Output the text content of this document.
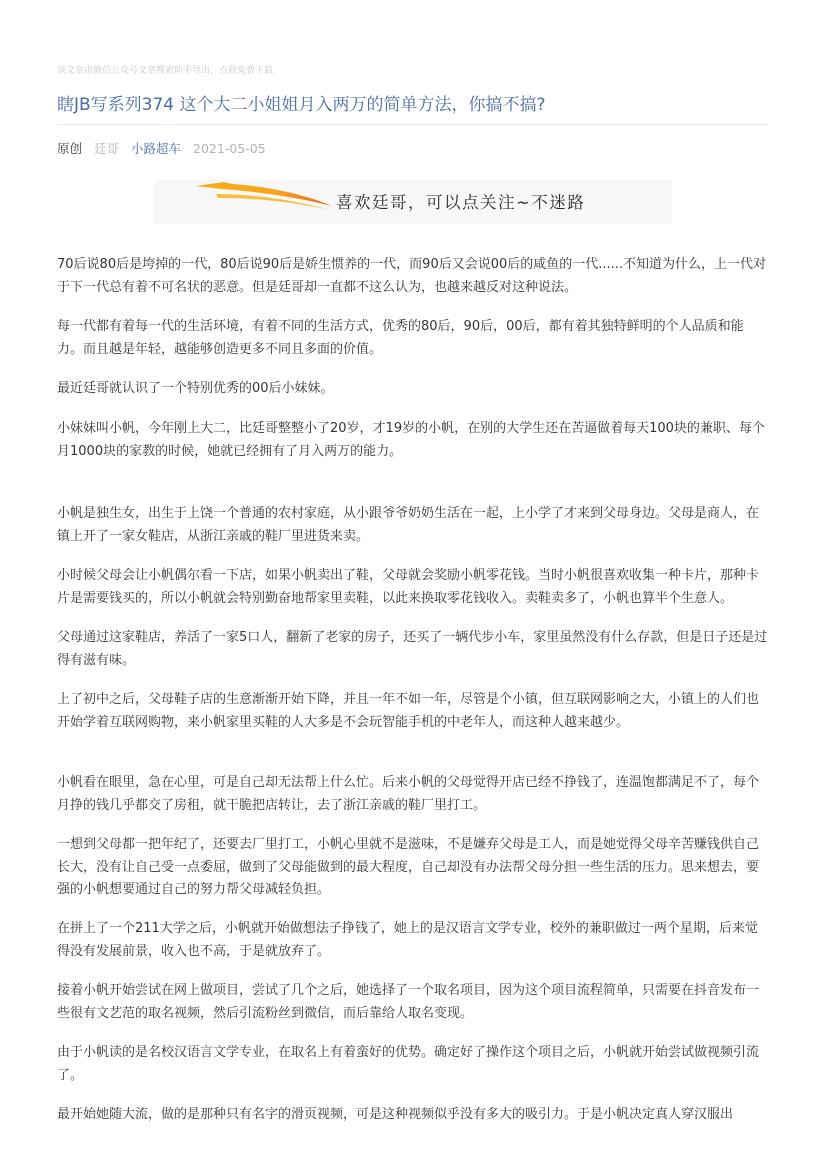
该文章由微信公众号文章搜索助手导出，点我免费下载
瞎JB写系列374 这个大二小姐姐月入两万的简单方法，你搞不搞?
原创 廷哥 小路超车 2021-05-05
喜欢廷哥，可以点关注~不迷路

70后说80后是垮掉的一代，80后说90后是娇生惯养的一代，而90后又会说00后的咸鱼的一代......不知道为什么，上一代对于下一代总有着不可名状的恶意。但是廷哥却一直都不这么认为，也越来越反对这种说法。

每一代都有着每一代的生活环境，有着不同的生活方式，优秀的80后，90后，00后，都有着其独特鲜明的个人品质和能力。而且越是年轻，越能够创造更多不同且多面的价值。

最近廷哥就认识了一个特别优秀的00后小妹妹。

小妹妹叫小帆，今年刚上大二，比廷哥整整小了20岁，才19岁的小帆，在别的大学生还在苦逼做着每天100块的兼职、每个月1000块的家教的时候，她就已经拥有了月入两万的能力。

小帆是独生女，出生于上饶一个普通的农村家庭，从小跟爷爷奶奶生活在一起，上小学了才来到父母身边。父母是商人，在镇上开了一家女鞋店，从浙江亲戚的鞋厂里进货来卖。

小时候父母会让小帆偶尔看一下店，如果小帆卖出了鞋，父母就会奖励小帆零花钱。当时小帆很喜欢收集一种卡片，那种卡片是需要钱买的，所以小帆就会特别勤奋地帮家里卖鞋，以此来换取零花钱收入。卖鞋卖多了，小帆也算半个生意人。

父母通过这家鞋店，养活了一家5口人，翻新了老家的房子，还买了一辆代步小车，家里虽然没有什么存款，但是日子还是过得有滋有味。

上了初中之后，父母鞋子店的生意渐渐开始下降，并且一年不如一年，尽管是个小镇，但互联网影响之大，小镇上的人们也开始学着互联网购物，来小帆家里买鞋的人大多是不会玩智能手机的中老年人，而这种人越来越少。

小帆看在眼里，急在心里，可是自己却无法帮上什么忙。后来小帆的父母觉得开店已经不挣钱了，连温饱都满足不了，每个月挣的钱几乎都交了房租，就干脆把店转让，去了浙江亲戚的鞋厂里打工。

一想到父母都一把年纪了，还要去厂里打工，小帆心里就不是滋味，不是嫌弃父母是工人，而是她觉得父母辛苦赚钱供自己长大，没有让自己受一点委屈，做到了父母能做到的最大程度，自己却没有办法帮父母分担一些生活的压力。思来想去，要强的小帆想要通过自己的努力帮父母减轻负担。

在拼上了一个211大学之后，小帆就开始做想法子挣钱了，她上的是汉语言文学专业，校外的兼职做过一两个星期，后来觉得没有发展前景，收入也不高，于是就放弃了。

接着小帆开始尝试在网上做项目，尝试了几个之后，她选择了一个取名项目，因为这个项目流程简单，只需要在抖音发布一些很有文艺范的取名视频，然后引流粉丝到微信，而后靠给人取名变现。

由于小帆读的是名校汉语言文学专业，在取名上有着蛮好的优势。确定好了操作这个项目之后，小帆就开始尝试做视频引流了。

最开始她随大流，做的是那种只有名字的滑页视频，可是这种视频似乎没有多大的吸引力。于是小帆决定真人穿汉服出
